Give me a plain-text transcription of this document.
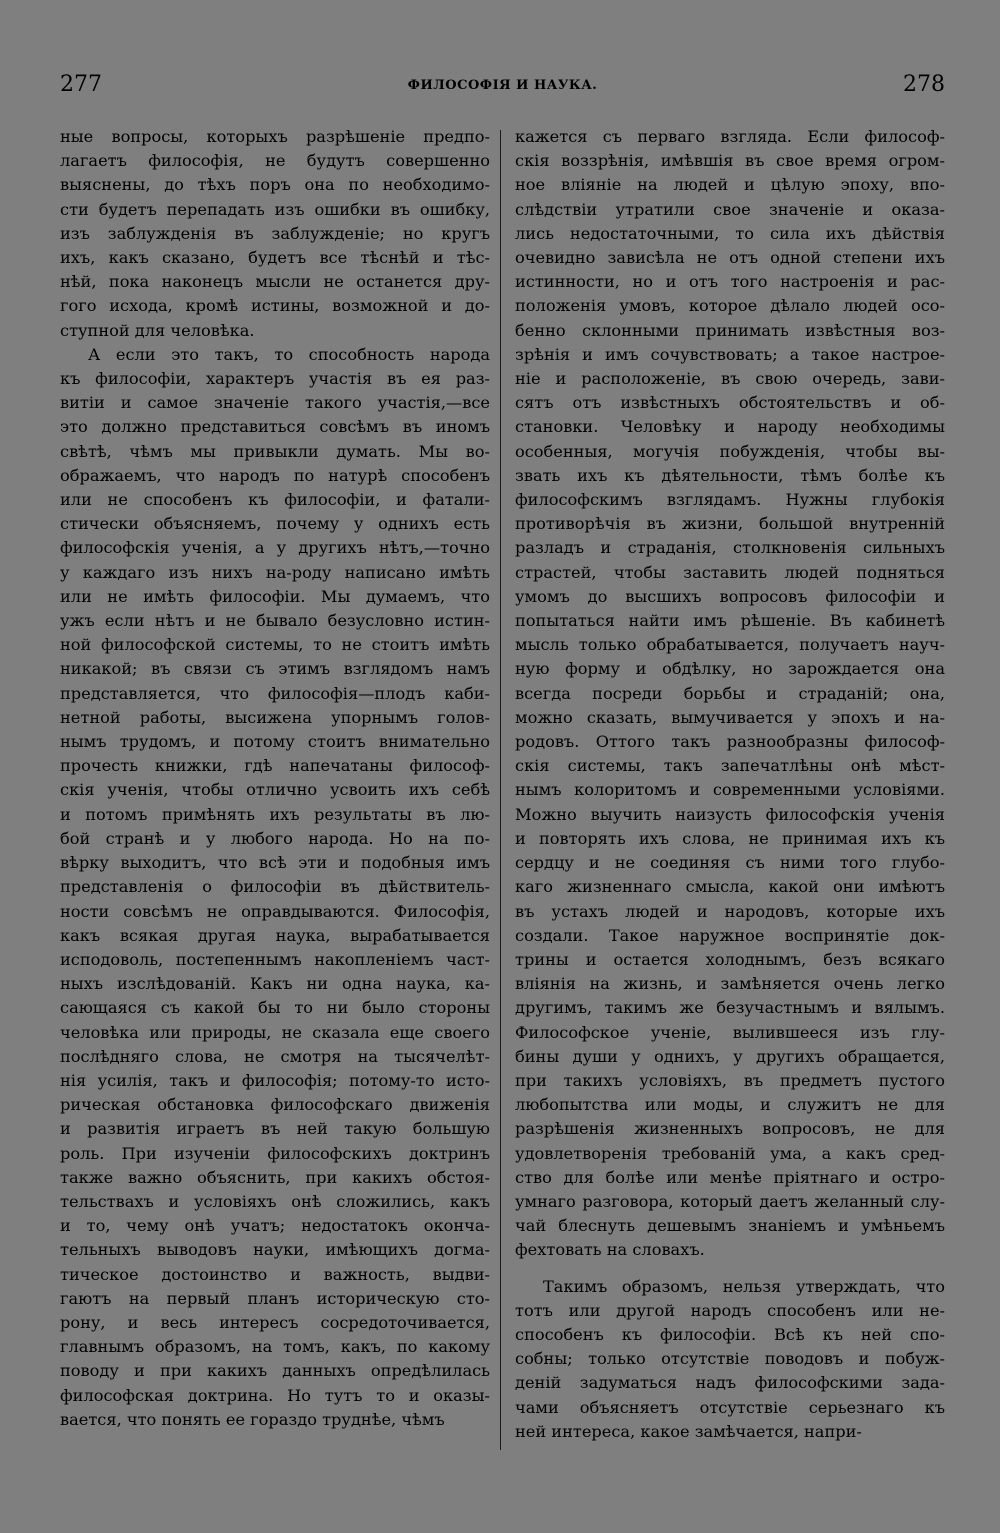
277	ФИЛОСОФІЯ И НАУКА.	278
ные вопросы, которыхъ разрѣшеніе предпо-
лагаетъ философія, не будутъ совершенно
выяснены, до тѣхъ поръ она по необходимо-
сти будетъ перепадать изъ ошибки въ ошибку,
изъ заблужденія въ заблужденіе; но кругъ
ихъ, какъ сказано, будетъ все тѣснѣй и тѣс-
нѣй, пока наконецъ мысли не останется дру-
гого исхода, кромѣ истины, возможной и до-
ступной для человѣка.
А если это такъ, то способность народа
къ философіи, характеръ участія въ ея раз-
витіи и самое значеніе такого участія,—все
это должно представиться совсѣмъ въ иномъ
свѣтѣ, чѣмъ мы привыкли думать. Мы во-
ображаемъ, что народъ по натурѣ способенъ
или не способенъ къ философіи, и фатали-
стически объясняемъ, почему у однихъ есть
философскія ученія, а у другихъ нѣтъ,—точно
у каждаго изъ нихъ на-роду написано имѣть
или не имѣть философіи. Мы думаемъ, что
ужъ если нѣтъ и не бывало безусловно истин-
ной философской системы, то не стоитъ имѣть
никакой; въ связи съ этимъ взглядомъ намъ
представляется, что философія—плодъ каби-
нетной работы, высижена упорнымъ голов-
нымъ трудомъ, и потому стоитъ внимательно
прочесть книжки, гдѣ напечатаны философ-
скія ученія, чтобы отлично усвоить ихъ себѣ
и потомъ примѣнять ихъ результаты въ лю-
бой странѣ и у любого народа. Но на по-
вѣрку выходитъ, что всѣ эти и подобныя имъ
представленія о философіи въ дѣйствитель-
ности совсѣмъ не оправдываются. Философія,
какъ всякая другая наука, вырабатывается
исподоволь, постепеннымъ накопленіемъ част-
ныхъ изслѣдованій. Какъ ни одна наука, ка-
сающаяся съ какой бы то ни было стороны
человѣка или природы, не сказала еще своего
послѣдняго слова, не смотря на тысячелѣт-
нія усилія, такъ и философія; потому-то исто-
рическая обстановка философскаго движенія
и развитія играетъ въ ней такую большую
роль. При изученіи философскихъ доктринъ
также важно объяснить, при какихъ обстоя-
тельствахъ и условіяхъ онѣ сложились, какъ
и то, чему онѣ учатъ; недостатокъ оконча-
тельныхъ выводовъ науки, имѣющихъ догма-
тическое достоинство и важность, выдви-
гаютъ на первый планъ историческую сто-
рону, и весь интересъ сосредоточивается,
главнымъ образомъ, на томъ, какъ, по какому
поводу и при какихъ данныхъ опредѣлилась
философская доктрина. Но тутъ то и оказы-
вается, что понять ее гораздо труднѣе, чѣмъ
кажется съ перваго взгляда. Если философ-
скія воззрѣнія, имѣвшія въ свое время огром-
ное вліяніе на людей и цѣлую эпоху, впо-
слѣдствіи утратили свое значеніе и оказа-
лись недостаточными, то сила ихъ дѣйствія
очевидно зависѣла не отъ одной степени ихъ
истинности, но и отъ того настроенія и рас-
положенія умовъ, которое дѣлало людей осо-
бенно склонными принимать извѣстныя воз-
зрѣнія и имъ сочувствовать; а такое настрое-
ніе и расположеніе, въ свою очередь, зави-
сятъ отъ извѣстныхъ обстоятельствъ и об-
становки. Человѣку и народу необходимы
особенныя, могучія побужденія, чтобы вы-
звать ихъ къ дѣятельности, тѣмъ болѣе къ
философскимъ взглядамъ. Нужны глубокія
противорѣчія въ жизни, большой внутренній
разладъ и страданія, столкновенія сильныхъ
страстей, чтобы заставить людей подняться
умомъ до высшихъ вопросовъ философіи и
попытаться найти имъ рѣшеніе. Въ кабинетѣ
мысль только обрабатывается, получаетъ науч-
ную форму и обдѣлку, но зарождается она
всегда посреди борьбы и страданій; она,
можно сказать, вымучивается у эпохъ и на-
родовъ. Оттого такъ разнообразны философ-
скія системы, такъ запечатлѣны онѣ мѣст-
нымъ колоритомъ и современными условіями.
Можно выучить наизусть философскія ученія
и повторять ихъ слова, не принимая ихъ къ
сердцу и не соединяя съ ними того глубо-
каго жизненнаго смысла, какой они имѣютъ
въ устахъ людей и народовъ, которые ихъ
создали. Такое наружное воспринятіе док-
трины и остается холоднымъ, безъ всякаго
вліянія на жизнь, и замѣняется очень легко
другимъ, такимъ же безучастнымъ и вялымъ.
Философское ученіе, вылившееся изъ глу-
бины души у однихъ, у другихъ обращается,
при такихъ условіяхъ, въ предметъ пустого
любопытства или моды, и служитъ не для
разрѣшенія жизненныхъ вопросовъ, не для
удовлетворенія требованій ума, а какъ сред-
ство для болѣе или менѣе пріятнаго и остро-
умнаго разговора, который даетъ желанный слу-
чай блеснуть дешевымъ знаніемъ и умѣньемъ
фехтовать на словахъ.
Такимъ образомъ, нельзя утверждать, что
тотъ или другой народъ способенъ или не-
способенъ къ философіи. Всѣ къ ней спо-
собны; только отсутствіе поводовъ и побуж-
деній задуматься надъ философскими зада-
чами объясняетъ отсутствіе серьезнаго къ
ней интереса, какое замѣчается, напри-
